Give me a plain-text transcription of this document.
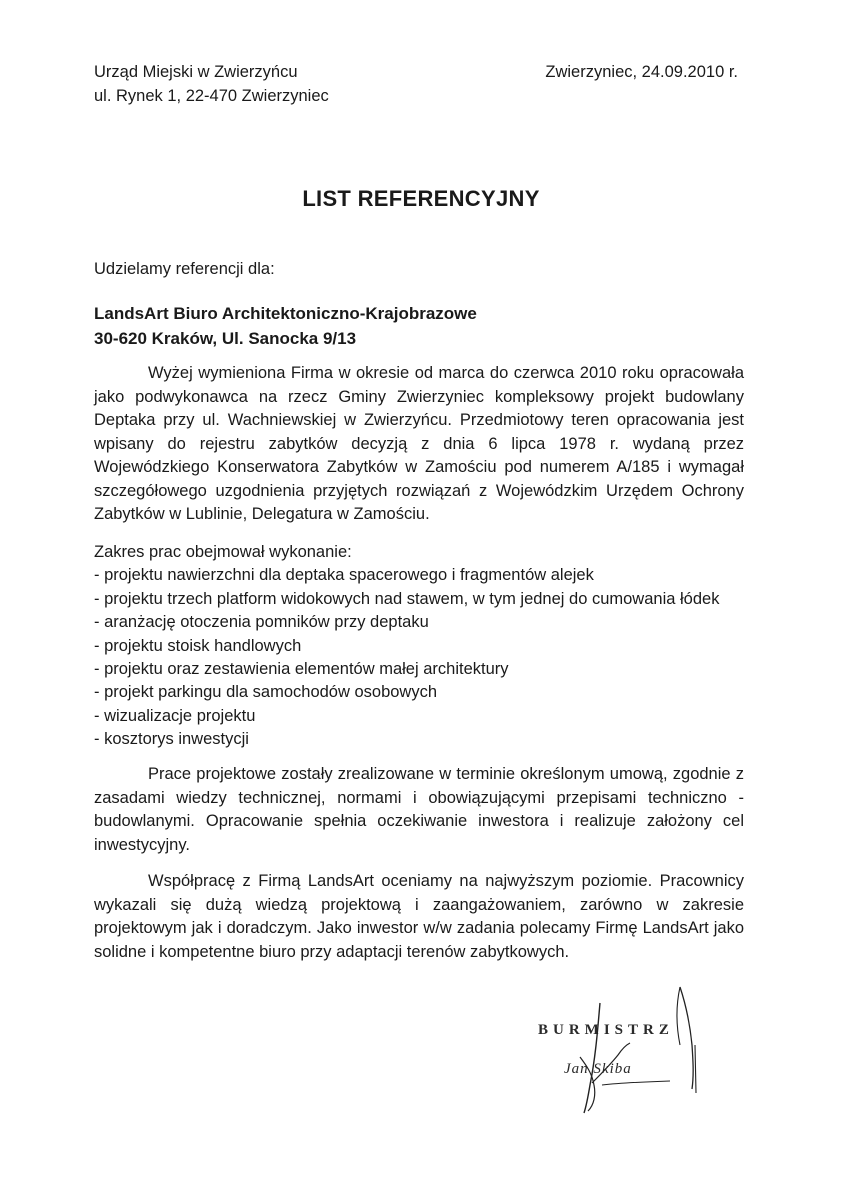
Urząd Miejski w Zwierzyńcu
ul. Rynek 1, 22-470 Zwierzyniec
Zwierzyniec, 24.09.2010 r.
LIST REFERENCYJNY
Udzielamy referencji dla:
LandsArt Biuro Architektoniczno-Krajobrazowe
30-620 Kraków, Ul. Sanocka 9/13
Wyżej wymieniona Firma w okresie od marca do czerwca 2010 roku opracowała jako podwykonawca na rzecz Gminy Zwierzyniec kompleksowy projekt budowlany Deptaka przy ul. Wachniewskiej w Zwierzyńcu. Przedmiotowy teren opracowania jest wpisany do rejestru zabytków decyzją z dnia 6 lipca 1978 r. wydaną przez Wojewódzkiego Konserwatora Zabytków w Zamościu pod numerem A/185 i wymagał szczegółowego uzgodnienia przyjętych rozwiązań z Wojewódzkim Urzędem Ochrony Zabytków w Lublinie, Delegatura w Zamościu.
Zakres prac obejmował wykonanie:
- projektu nawierzchni dla deptaka spacerowego i fragmentów alejek
- projektu trzech platform widokowych nad stawem, w tym jednej do cumowania łódek
- aranżację otoczenia pomników przy deptaku
- projektu stoisk handlowych
- projektu oraz zestawienia elementów małej architektury
- projekt parkingu dla samochodów osobowych
- wizualizacje projektu
- kosztorys inwestycji
Prace projektowe zostały zrealizowane w terminie określonym umową, zgodnie z zasadami wiedzy technicznej, normami i obowiązującymi przepisami techniczno - budowlanymi. Opracowanie spełnia oczekiwanie inwestora i realizuje założony cel inwestycyjny.
Współpracę z Firmą LandsArt oceniamy na najwyższym poziomie. Pracownicy wykazali się dużą wiedzą projektową i zaangażowaniem, zarówno w zakresie projektowym jak i doradczym. Jako inwestor w/w zadania polecamy Firmę LandsArt jako solidne i kompetentne biuro przy adaptacji terenów zabytkowych.
BURMISTRZ
Jan Skiba
